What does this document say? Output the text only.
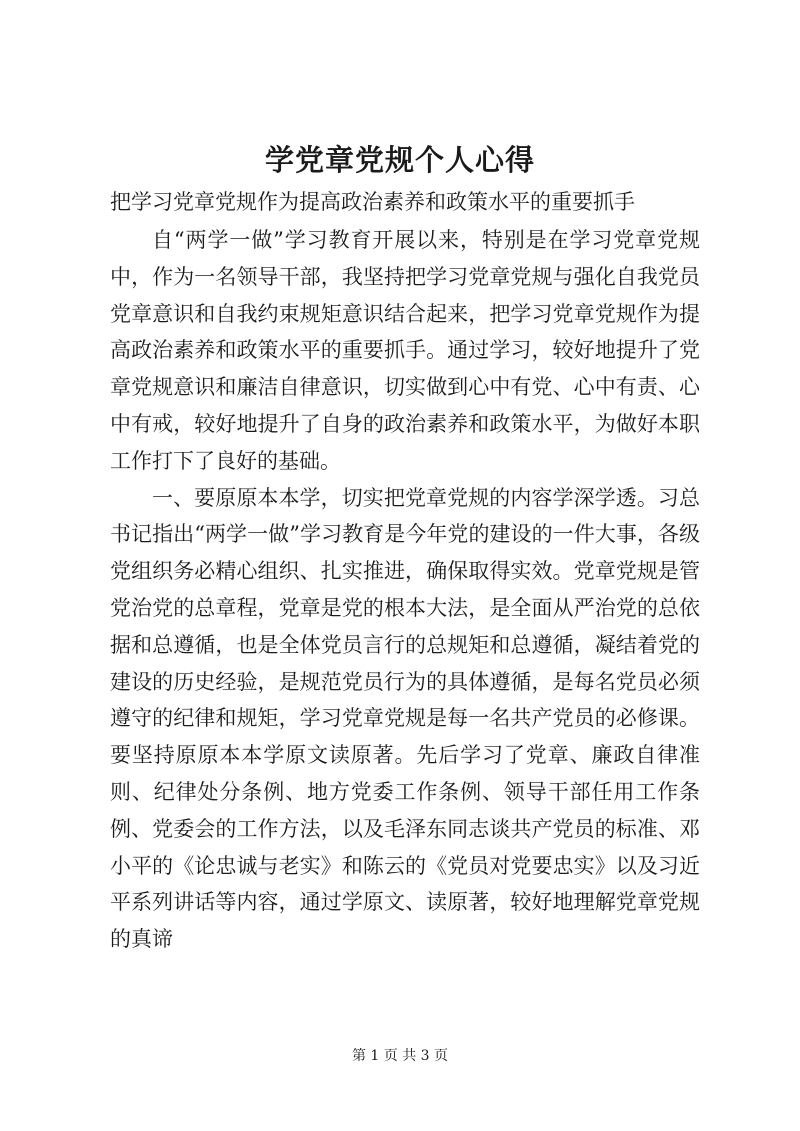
学党章党规个人心得

把学习党章党规作为提高政治素养和政策水平的重要抓手

自“两学一做”学习教育开展以来，特别是在学习党章党规中，作为一名领导干部，我坚持把学习党章党规与强化自我党员党章意识和自我约束规矩意识结合起来，把学习党章党规作为提高政治素养和政策水平的重要抓手。通过学习，较好地提升了党章党规意识和廉洁自律意识，切实做到心中有党、心中有责、心中有戒，较好地提升了自身的政治素养和政策水平，为做好本职工作打下了良好的基础。

一、要原原本本学，切实把党章党规的内容学深学透。习总书记指出“两学一做”学习教育是今年党的建设的一件大事，各级党组织务必精心组织、扎实推进，确保取得实效。党章党规是管党治党的总章程，党章是党的根本大法，是全面从严治党的总依据和总遵循，也是全体党员言行的总规矩和总遵循，凝结着党的建设的历史经验，是规范党员行为的具体遵循，是每名党员必须遵守的纪律和规矩，学习党章党规是每一名共产党员的必修课。要坚持原原本本学原文读原著。先后学习了党章、廉政自律准则、纪律处分条例、地方党委工作条例、领导干部任用工作条例、党委会的工作方法，以及毛泽东同志谈共产党员的标准、邓小平的《论忠诚与老实》和陈云的《党员对党要忠实》以及习近平系列讲话等内容，通过学原文、读原著，较好地理解党章党规的真谛

第 1 页 共 3 页
